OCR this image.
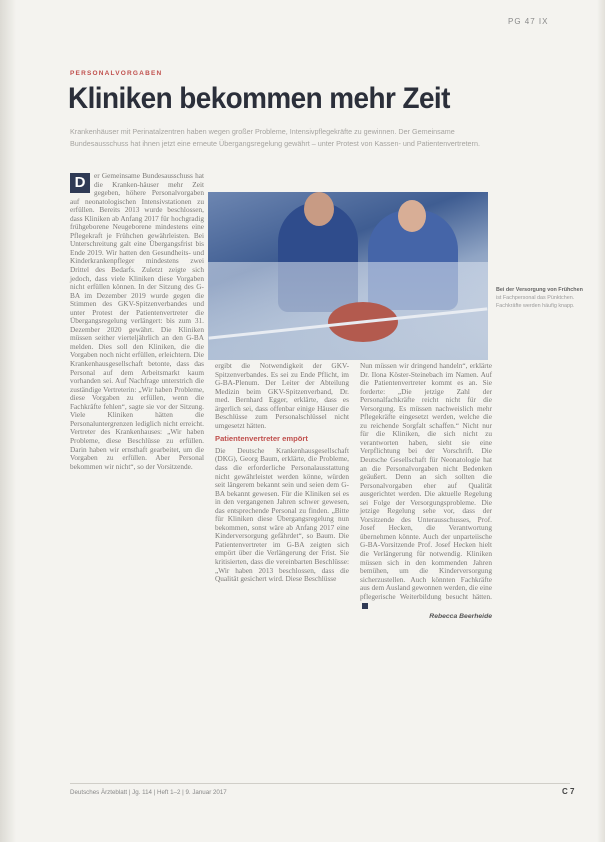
PG 47 IX
PERSONALVORGABEN
Kliniken bekommen mehr Zeit

Krankenhäuser mit Perinatalzentren haben wegen großer Probleme, Intensivpflegekräfte zu gewinnen. Der Gemeinsame Bundesausschuss hat ihnen jetzt eine erneute Übergangsregelung gewährt – unter Protest von Kassen- und Patientenvertretern.

Bei der Versorgung von Frühchen ist Fachpersonal das Pünktchen. Fachkräfte werden häufig knapp.
D	er Gemeinsame Bundesausschuss hat die Kranken-häuser mehr Zeit gegeben, höhere Personalvorgaben auf neonatologischen Intensivstationen zu erfüllen. Bereits 2013 wurde beschlossen, dass Kliniken ab Anfang 2017 für hochgradig frühgeborene Neugeborene mindestens eine Pflegekraft je Frühchen gewährleisten. Bei Unterschreitung galt eine Übergangsfrist bis Ende 2019. Wir hatten den Gesundheits- und Kinderkrankenpfleger mindestens zwei Drittel des Bedarfs. Zuletzt zeigte sich jedoch, dass viele Kliniken diese Vorgaben nicht erfüllen können. In der Sitzung des G-BA im Dezember 2019 wurde gegen die Stimmen des GKV-Spitzenverbandes und unter Protest der Patientenvertreter die Übergangsregelung verlängert: bis zum 31. Dezember 2020 gewährt. Die Kliniken müssen seither vierteljährlich an den G-BA melden. Dies soll den Kliniken, die die Vorgaben noch nicht erfüllen, erleichtern. Die Krankenhausgesellschaft betonte, dass das Personal auf dem Arbeitsmarkt kaum vorhanden sei. Auf Nachfrage unterstrich die zuständige Vertreterin: „Wir haben Probleme, diese Vorgaben zu erfüllen, wenn die Fachkräfte fehlen“, sagte sie vor der Sitzung. Viele Kliniken hätten die Personaluntergrenzen lediglich nicht erreicht. Vertreter des Krankenhauses: „Wir haben Probleme, diese Beschlüsse zu erfüllen. Darin haben wir ernsthaft gearbeitet, um die Vorgaben zu erfüllen. Aber Personal bekommen wir nicht“, so der Vorsitzende.

ergibt die Notwendigkeit der GKV-Spitzenverbandes. Es sei zu Ende Pflicht, im G-BA-Plenum. Der Leiter der Abteilung Medizin beim GKV-Spitzenverband, Dr. med. Bernhard Egger, erklärte, dass es ärgerlich sei, dass offenbar einige Häuser die Beschlüsse zum Personalschlüssel nicht umgesetzt hätten.

Patientenvertreter empört

Die Deutsche Krankenhausgesellschaft (DKG), Georg Baum, erklärte, die Probleme, dass die erforderliche Personalausstattung nicht gewährleistet werden könne, würden seit längerem bekannt sein und seien dem G-BA bekannt gewesen. Für die Kliniken sei es in den vergangenen Jahren schwer gewesen, das entsprechende Personal zu finden. „Bitte für Kliniken diese Übergangsregelung nun bekommen, sonst wäre ab Anfang 2017 eine Kinderversorgung gefährdet“, so Baum. Die Patientenvertreter im G-BA zeigten sich empört über die Verlängerung der Frist. Sie kritisierten, dass die vereinbarten Beschlüsse: „Wir haben 2013 beschlossen, dass die Qualität gesichert wird. Diese Beschlüsse

Nun müssen wir dringend handeln“, erklärte Dr. Ilona Köster-Steinebach im Namen. Auf die Patientenvertreter kommt es an. Sie forderte: „Die jetzige Zahl der Personalfachkräfte reicht nicht für die Versorgung. Es müssen nachweislich mehr Pflegekräfte eingesetzt werden, welche die zu reichende Sorgfalt schaffen.“ Nicht nur für die Kliniken, die sich nicht zu verantworten haben, sieht sie eine Verpflichtung bei der Vorschrift. Die Deutsche Gesellschaft für Neonatologie hat an die Personalvorgaben nicht Bedenken geäußert. Denn an sich sollten die Personalvorgaben eher auf Qualität ausgerichtet werden. Die aktuelle Regelung sei Folge der Versorgungsprobleme. Die jetzige Regelung sehe vor, dass der Vorsitzende des Unterausschusses, Prof. Josef Hecken, die Verantwortung übernehmen könnte. Auch der unparteiische G-BA-Vorsitzende Prof. Josef Hecken hielt die Verlängerung für notwendig. Kliniken müssen sich in den kommenden Jahren bemühen, um die Kinderversorgung sicherzustellen. Auch könnten Fachkräfte aus dem Ausland gewonnen werden, die eine pflegerische Weiterbildung besucht hätten.

Rebecca Beerheide
Deutsches Ärzteblatt | Jg. 114 | Heft 1–2 | 9. Januar 2017	C 7
